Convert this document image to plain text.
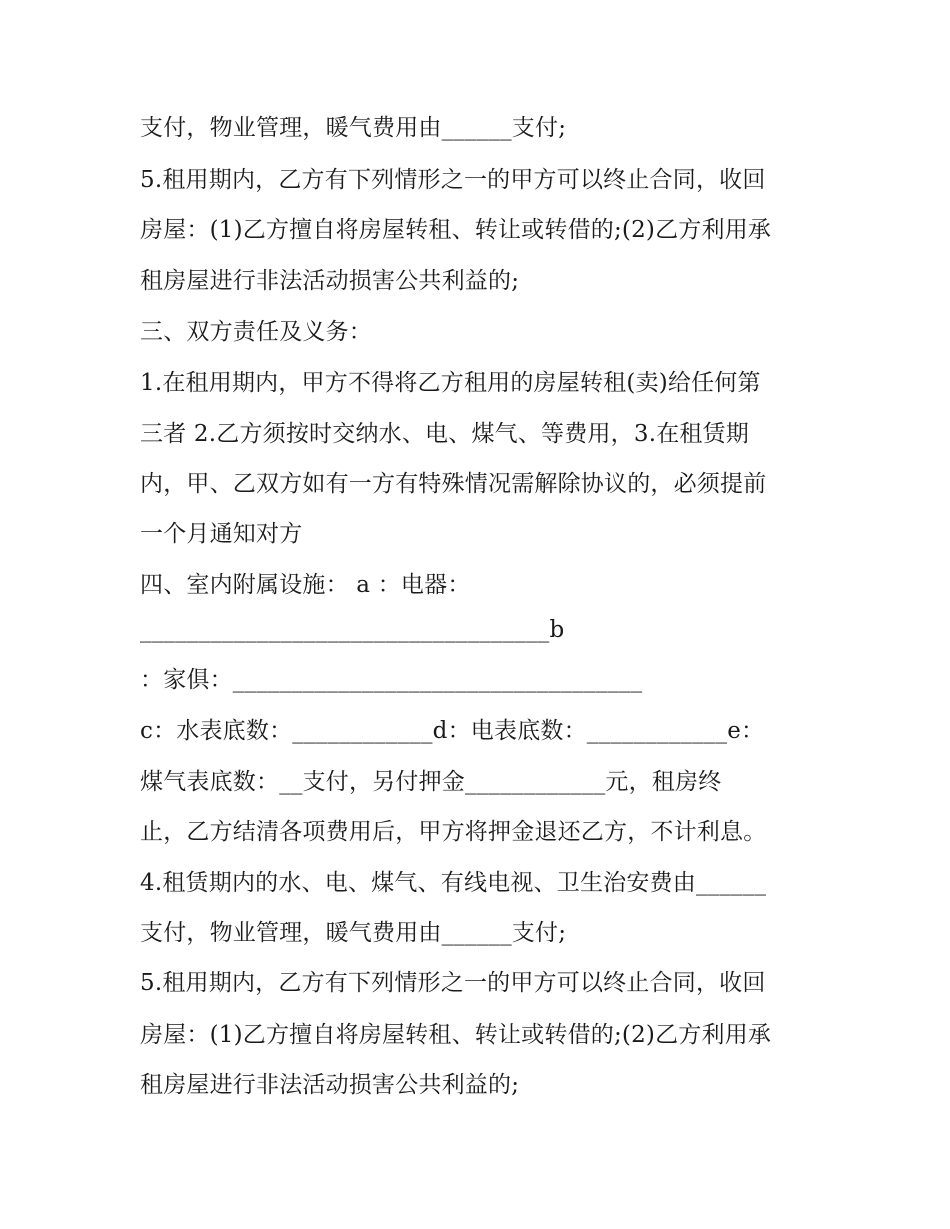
支付，物业管理，暖气费用由______支付;

5.租用期内，乙方有下列情形之一的甲方可以终止合同，收回

房屋：(1)乙方擅自将房屋转租、转让或转借的;(2)乙方利用承

租房屋进行非法活动损害公共利益的;

三、双方责任及义务：

1.在租用期内，甲方不得将乙方租用的房屋转租(卖)给任何第

三者 2.乙方须按时交纳水、电、煤气、等费用，3.在租赁期

内，甲、乙双方如有一方有特殊情况需解除协议的，必须提前

一个月通知对方

四、室内附属设施： a ：电器：

___________________________________b

：家俱：___________________________________

c：水表底数：____________d：电表底数：____________e：

煤气表底数：__支付，另付押金____________元，租房终

止，乙方结清各项费用后，甲方将押金退还乙方，不计利息。

4.租赁期内的水、电、煤气、有线电视、卫生治安费由______

支付，物业管理，暖气费用由______支付;

5.租用期内，乙方有下列情形之一的甲方可以终止合同，收回

房屋：(1)乙方擅自将房屋转租、转让或转借的;(2)乙方利用承

租房屋进行非法活动损害公共利益的;
